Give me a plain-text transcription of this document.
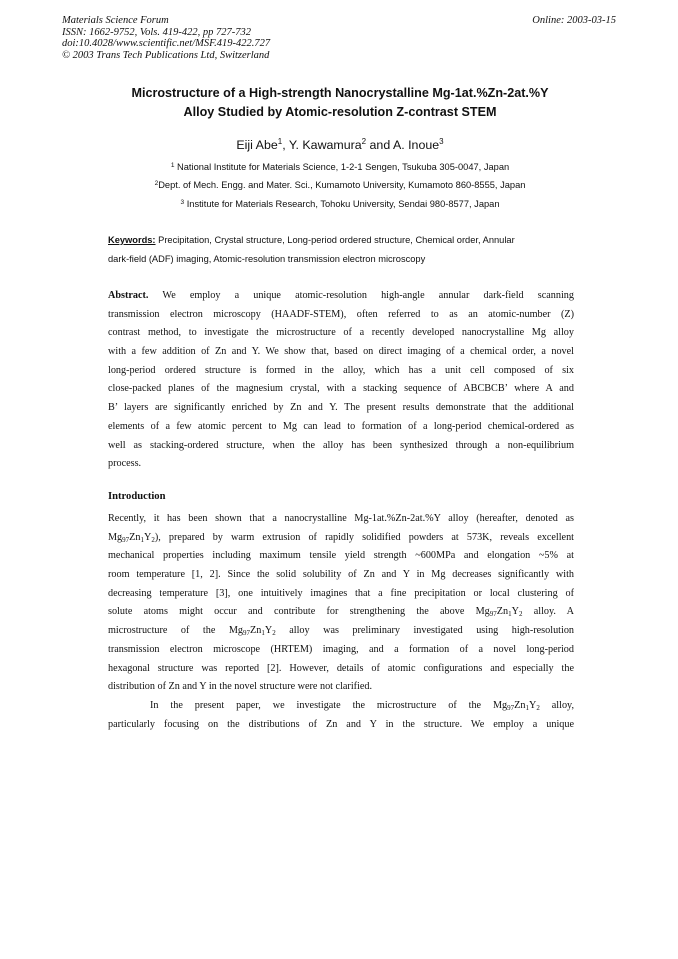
Materials Science Forum
ISSN: 1662-9752, Vols. 419-422, pp 727-732
doi:10.4028/www.scientific.net/MSF.419-422.727
© 2003 Trans Tech Publications Ltd, Switzerland
Online: 2003-03-15
Microstructure of a High-strength Nanocrystalline Mg-1at.%Zn-2at.%Y
Alloy Studied by Atomic-resolution Z-contrast STEM
Eiji Abe$^1$, Y. Kawamura$^2$ and A. Inoue$^3$
$^1$ National Institute for Materials Science, 1-2-1 Sengen, Tsukuba 305-0047, Japan
$^2$Dept. of Mech. Engg. and Mater. Sci., Kumamoto University, Kumamoto 860-8555, Japan
$^3$ Institute for Materials Research, Tohoku University, Sendai 980-8577, Japan
Keywords: Precipitation, Crystal structure, Long-period ordered structure, Chemical order, Annular
dark-field (ADF) imaging, Atomic-resolution transmission electron microscopy
Abstract. We employ a unique atomic-resolution high-angle annular dark-field scanning
transmission electron microscopy (HAADF-STEM), often referred to as an atomic-number (Z)
contrast method, to investigate the microstructure of a recently developed nanocrystalline Mg alloy
with a few addition of Zn and Y. We show that, based on direct imaging of a chemical order, a novel
long-period ordered structure is formed in the alloy, which has a unit cell composed of six
close-packed planes of the magnesium crystal, with a stacking sequence of ABCBCB’ where A and
B’ layers are significantly enriched by Zn and Y. The present results demonstrate that the additional
elements of a few atomic percent to Mg can lead to formation of a long-period chemical-ordered as
well as stacking-ordered structure, when the alloy has been synthesized through a non-equilibrium
process.
Introduction
Recently, it has been shown that a nanocrystalline Mg-1at.%Zn-2at.%Y alloy (hereafter, denoted as
$Mg_{97}Zn_1Y_2$), prepared by warm extrusion of rapidly solidified powders at 573K, reveals excellent
mechanical properties including maximum tensile yield strength ~600MPa and elongation ~5% at
room temperature [1, 2]. Since the solid solubility of Zn and Y in Mg decreases significantly with
decreasing temperature [3], one intuitively imagines that a fine precipitation or local clustering of
solute atoms might occur and contribute for strengthening the above $Mg_{97}Zn_1Y_2$ alloy. A
microstructure of the $Mg_{97}Zn_1Y_2$ alloy was preliminary investigated using high-resolution
transmission electron microscope (HRTEM) imaging, and a formation of a novel long-period
hexagonal structure was reported [2]. However, details of atomic configurations and especially the
distribution of Zn and Y in the novel structure were not clarified.
In the present paper, we investigate the microstructure of the $Mg_{97}Zn_1Y_2$ alloy,
particularly focusing on the distributions of Zn and Y in the structure. We employ a unique
